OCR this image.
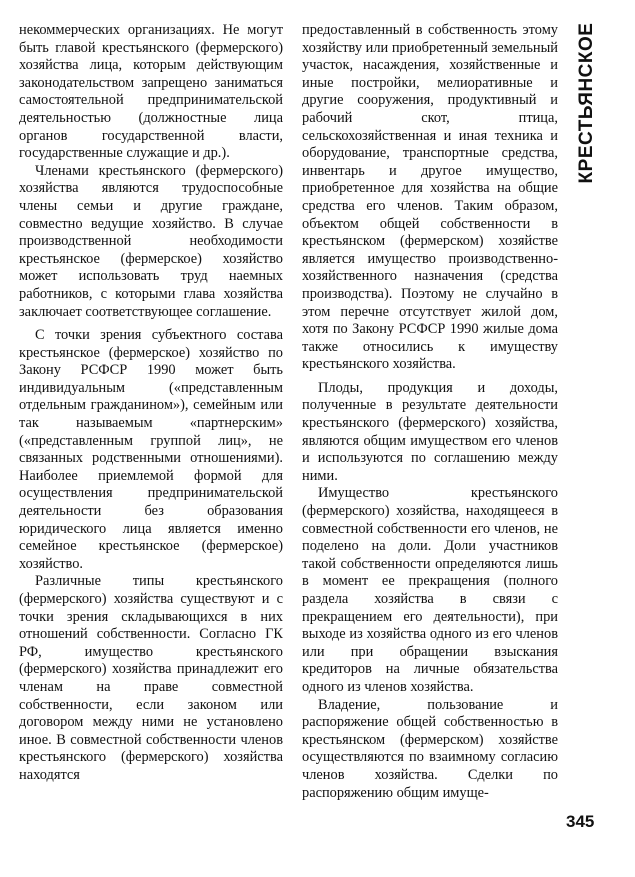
некоммерческих организациях. Не могут быть главой крестьянского (фермерского) хозяйства лица, которым действующим законодательством запрещено заниматься самостоятельной предпринимательской деятельностью (должностные лица органов государственной власти, государственные служащие и др.).

Членами крестьянского (фермерского) хозяйства являются трудоспособные члены семьи и другие граждане, совместно ведущие хозяйство. В случае производственной необходимости крестьянское (фермерское) хозяйство может использовать труд наемных работников, с которыми глава хозяйства заключает соответствующее соглашение.

С точки зрения субъектного состава крестьянское (фермерское) хозяйство по Закону РСФСР 1990 может быть индивидуальным («представленным отдельным гражданином»), семейным или так называемым «партнерским» («представленным группой лиц», не связанных родственными отношениями). Наиболее приемлемой формой для осуществления предпринимательской деятельности без образования юридического лица является именно семейное крестьянское (фермерское) хозяйство.

Различные типы крестьянского (фермерского) хозяйства существуют и с точки зрения складывающихся в них отношений собственности. Согласно ГК РФ, имущество крестьянского (фермерского) хозяйства принадлежит его членам на праве совместной собственности, если законом или договором между ними не установлено иное. В совместной собственности членов крестьянского (фермерского) хозяйства находятся

предоставленный в собственность этому хозяйству или приобретенный земельный участок, насаждения, хозяйственные и иные постройки, мелиоративные и другие сооружения, продуктивный и рабочий скот, птица, сельскохозяйственная и иная техника и оборудование, транспортные средства, инвентарь и другое имущество, приобретенное для хозяйства на общие средства его членов. Таким образом, объектом общей собственности в крестьянском (фермерском) хозяйстве является имущество производственно-хозяйственного назначения (средства производства). Поэтому не случайно в этом перечне отсутствует жилой дом, хотя по Закону РСФСР 1990 жилые дома также относились к имуществу крестьянского хозяйства.

Плоды, продукция и доходы, полученные в результате деятельности крестьянского (фермерского) хозяйства, являются общим имуществом его членов и используются по соглашению между ними.

Имущество крестьянского (фермерского) хозяйства, находящееся в совместной собственности его членов, не поделено на доли. Доли участников такой собственности определяются лишь в момент ее прекращения (полного раздела хозяйства в связи с прекращением его деятельности), при выходе из хозяйства одного из его членов или при обращении взыскания кредиторов на личные обязательства одного из членов хозяйства.

Владение, пользование и распоряжение общей собственностью в крестьянском (фермерском) хозяйстве осуществляются по взаимному согласию членов хозяйства. Сделки по распоряжению общим имуще-

КРЕСТЬЯНСКОЕ
345
